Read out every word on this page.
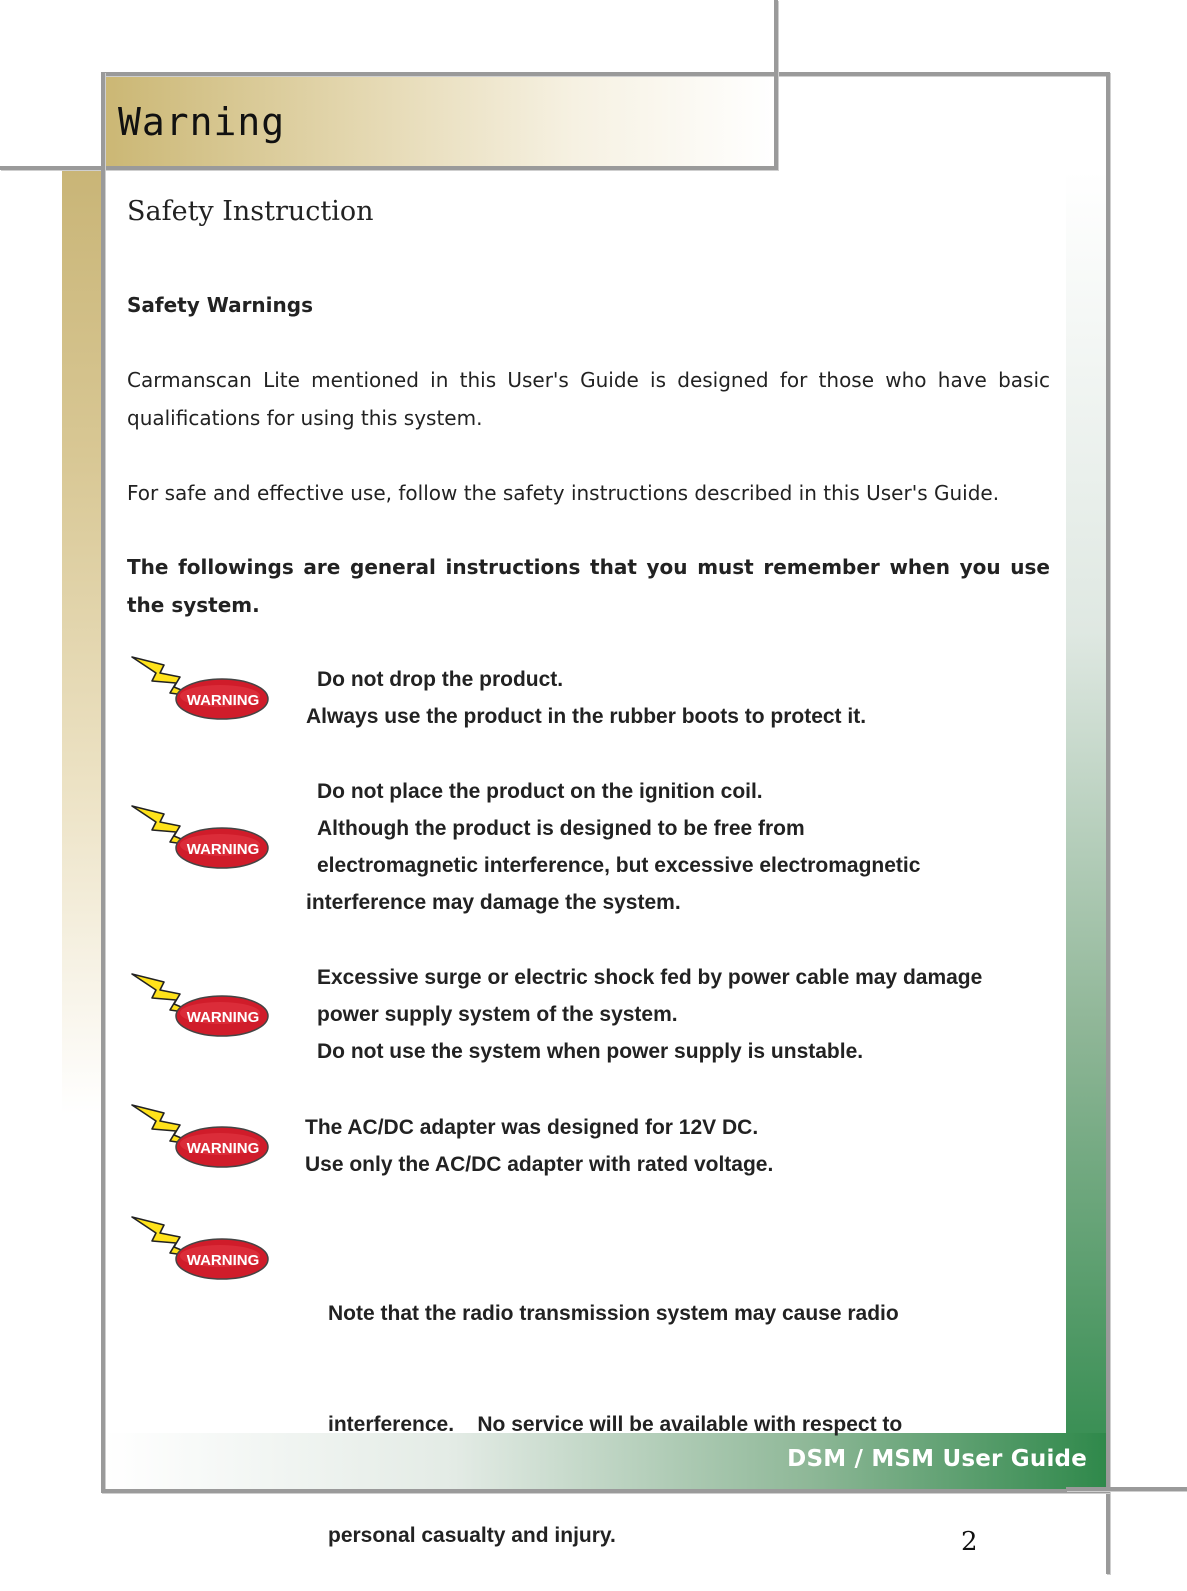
Warning
Safety Instruction
Safety Warnings
Carmanscan Lite mentioned in this User's Guide is designed for those who have basic qualifications for using this system.
For safe and effective use, follow the safety instructions described in this User's Guide.
The followings are general instructions that you must remember when you use the system.
WARNING
Do not drop the product.
Always use the product in the rubber boots to protect it.
WARNING
Do not place the product on the ignition coil.
Although the product is designed to be free from
electromagnetic interference, but excessive electromagnetic
interference may damage the system.
WARNING
Excessive surge or electric shock fed by power cable may damage
power supply system of the system.
Do not use the system when power supply is unstable.
WARNING
The AC/DC adapter was designed for 12V DC.
Use only the AC/DC adapter with rated voltage.
WARNING

Note that the radio transmission system may cause radio

interference.    No service will be available with respect to

personal casualty and injury.

DSM / MSM User Guide
2
